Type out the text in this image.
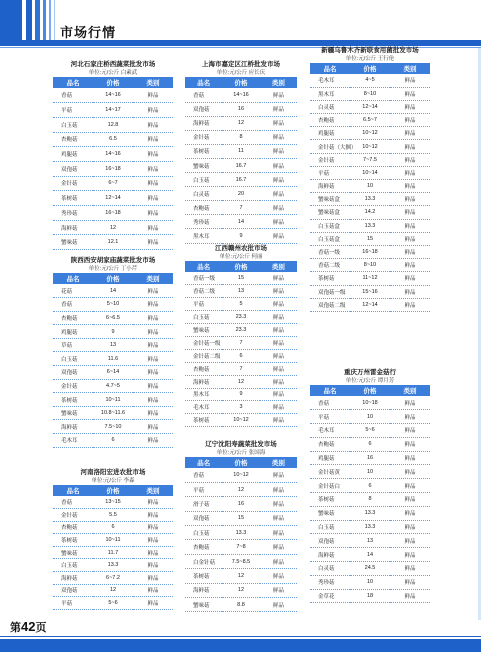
市场行情
河北石家庄桥西蔬菜批发市场
单位:元/公斤 白素武
品名	价格	类别
香菇	14~16	鲜品
平菇	14~17	鲜品
白玉菇	12.8	鲜品
杏鲍菇	6.5	鲜品
鸡腿菇	14~16	鲜品
双孢菇	16~18	鲜品
金针菇	6~7	鲜品
茶树菇	12~14	鲜品
秀珍菇	16~18	鲜品
海鲜菇	12	鲜品
蟹味菇	12.1	鲜品
陕西西安胡家庙蔬菜批发市场
单位:元/公斤 丁小芹
品名	价格	类别
花菇	14	鲜品
香菇	5~10	鲜品
杏鲍菇	6~6.5	鲜品
鸡腿菇	9	鲜品
草菇	13	鲜品
白玉菇	11.6	鲜品
双孢菇	6~14	鲜品
金针菇	4.7~5	鲜品
茶树菇	10~11	鲜品
蟹味菇	10.8~11.6	鲜品
海鲜菇	7.5~10	鲜品
毛木耳	6	鲜品
河南洛阳宏进农批市场
单位:元/公斤 李森
品名	价格	类别
香菇	13~15	鲜品
金针菇	5.5	鲜品
杏鲍菇	6	鲜品
茶树菇	10~11	鲜品
蟹味菇	11.7	鲜品
白玉菇	13.3	鲜品
海鲜菇	6~7.2	鲜品
双孢菇	12	鲜品
平菇	5~6	鲜品
上海市嘉定区江桥批发市场
单位:元/公斤 应长庆
品名	价格	类别
香菇	14~16	鲜品
双孢菇	16	鲜品
海鲜菇	12	鲜品
金针菇	8	鲜品
茶树菇	11	鲜品
蟹味菇	16.7	鲜品
白玉菇	16.7	鲜品
白灵菇	20	鲜品
杏鲍菇	7	鲜品
秀珍菇	14	鲜品
黑木耳	9	鲜品
江西赣州农批市场
单位:元/公斤 何丽
品名	价格	类别
香菇一级	15	鲜品
香菇二级	13	鲜品
平菇	5	鲜品
白玉菇	23.3	鲜品
蟹味菇	23.3	鲜品
金针菇一级	7	鲜品
金针菇二级	6	鲜品
杏鲍菇	7	鲜品
海鲜菇	12	鲜品
黑木耳	9	鲜品
毛木耳	3	鲜品
茶树菇	10~12	鲜品
辽宁沈阳寿蔬菜批发市场
单位:元/公斤 张国海
品名	价格	类别
香菇	10~12	鲜品
平菇	12	鲜品
滑子菇	16	鲜品
双孢菇	15	鲜品
白玉菇	13.3	鲜品
杏鲍菇	7~8	鲜品
白金针菇	7.5~8.5	鲜品
茶树菇	12	鲜品
海鲜菇	12	鲜品
蟹味菇	8.8	鲜品
新疆乌鲁木齐新联食用菌批发市场
单位:元/公斤 王行伦
品名	价格	类别
毛木耳	4~5	鲜品
黑木耳	8~10	鲜品
白灵菇	12~14	鲜品
杏鲍菇	6.5~7	鲜品
鸡腿菇	10~12	鲜品
金针菇（大捆）	10~12	鲜品
金针菇	7~7.5	鲜品
平菇	10~14	鲜品
海鲜菇	10	鲜品
蟹味菇盒	13.3	鲜品
蟹味菇盒	14.2	鲜品
白玉菇盒	13.3	鲜品
白玉菇盒	15	鲜品
香菇一级	16~18	鲜品
香菇二级	8~10	鲜品
茶树菇	11~12	鲜品
双孢菇一级	15~16	鲜品
双孢菇二级	12~14	鲜品
重庆万州雷金菇行
单位:元/公斤 谭月芳
品名	价格	类别
香菇	10~18	鲜品
平菇	10	鲜品
毛木耳	5~6	鲜品
杏鲍菇	6	鲜品
鸡腿菇	16	鲜品
金针菇黄	10	鲜品
金针菇白	6	鲜品
茶树菇	8	鲜品
蟹味菇	13.3	鲜品
白玉菇	13.3	鲜品
双孢菇	13	鲜品
海鲜菇	14	鲜品
白灵菇	24.5	鲜品
秀珍菇	10	鲜品
金草花	18	鲜品
第42页
